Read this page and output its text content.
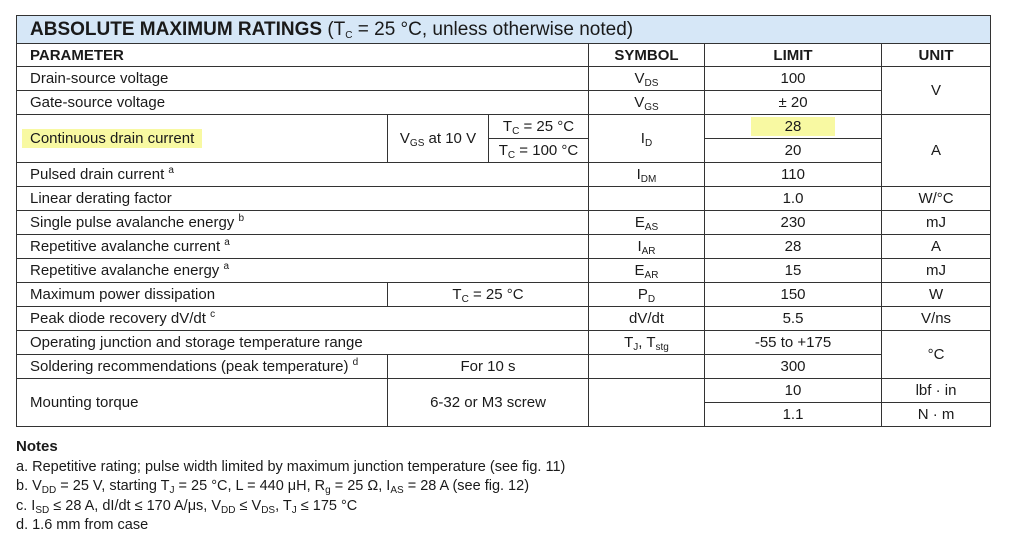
ABSOLUTE MAXIMUM RATINGS ($T_C = 25$ °C, unless otherwise noted)					
PARAMETER			SYMBOL	LIMIT	UNIT
Drain-source voltage			$V_{DS}$	100	V
Gate-source voltage			$V_{GS}$	± 20	
Continuous drain current	$V_{GS}$ at 10 V	$T_C = 25$ °C	$I_D$	28	A
		$T_C = 100$ °C		20	
Pulsed drain current $^a$			$I_{DM}$	110	
Linear derating factor				1.0	W/°C
Single pulse avalanche energy $^b$			$E_{AS}$	230	mJ
Repetitive avalanche current $^a$			$I_{AR}$	28	A
Repetitive avalanche energy $^a$			$E_{AR}$	15	mJ
Maximum power dissipation	$T_C = 25$ °C		$P_D$	150	W
Peak diode recovery dV/dt $^c$			dV/dt	5.5	V/ns
Operating junction and storage temperature range			$T_J$, $T_{stg}$	-55 to +175	°C
Soldering recommendations (peak temperature) $^d$	For 10 s			300	
Mounting torque	6-32 or M3 screw			10	lbf · in
				1.1	N · m
Notes
a. Repetitive rating; pulse width limited by maximum junction temperature (see fig. 11)
b. $V_{DD} = 25$ V, starting $T_J = 25$ °C, L = 440 μH, $R_g = 25$ Ω, $I_{AS} = 28$ A (see fig. 12)
c. $I_{SD} \le 28$ A, dI/dt ≤ 170 A/μs, $V_{DD} \le V_{DS}$, $T_J \le 175$ °C
d. 1.6 mm from case
